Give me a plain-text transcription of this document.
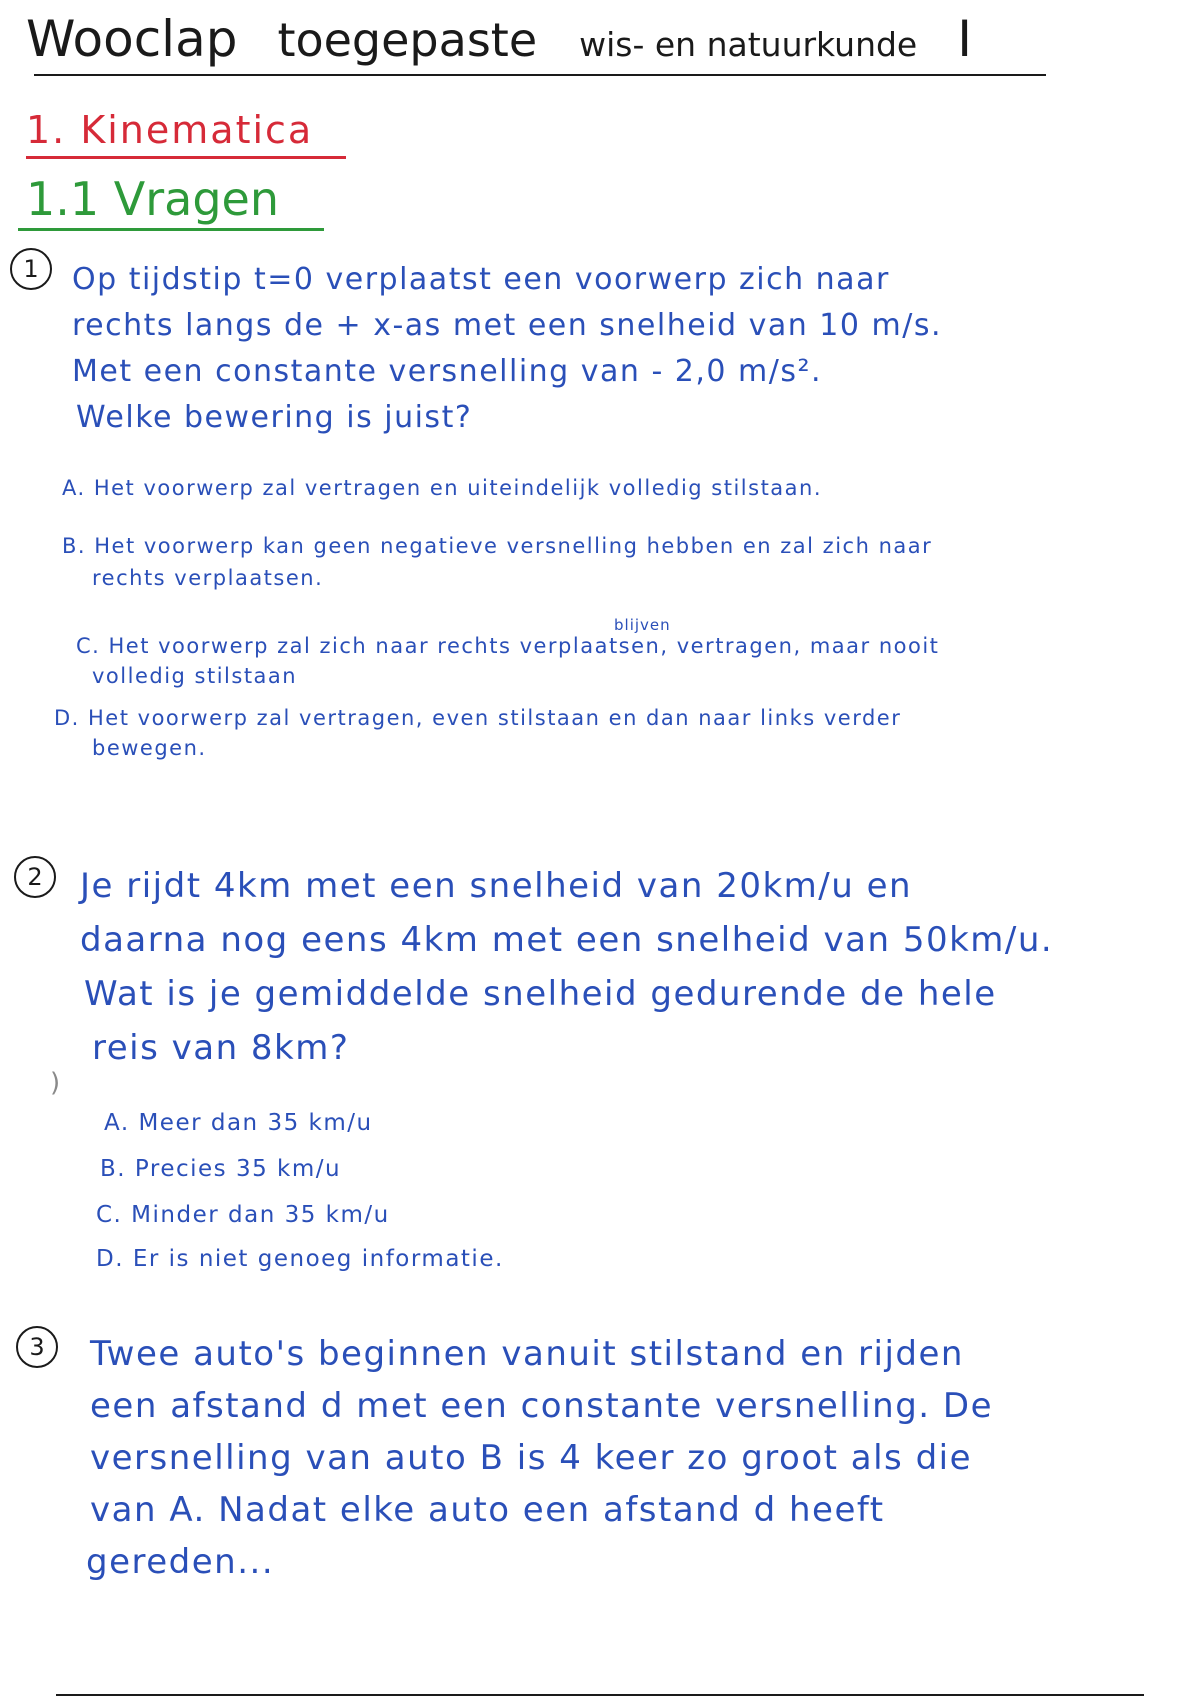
Wooclap toegepaste wis- en natuurkunde I
1. Kinematica
1.1 Vragen
1	Op tijdstip t=0 verplaatst een voorwerp zich naar
rechts langs de + x-as met een snelheid van 10 m/s.
Met een constante versnelling van - 2,0 m/s².
Welke bewering is juist?
A. Het voorwerp zal vertragen en uiteindelijk volledig stilstaan.
B. Het voorwerp kan geen negatieve versnelling hebben en zal zich naar
rechts verplaatsen.
blijven
C. Het voorwerp zal zich naar rechts verplaatsen, vertragen, maar nooit
volledig stilstaan
D. Het voorwerp zal vertragen, even stilstaan en dan naar links verder
bewegen.
2	Je rijdt 4km met een snelheid van 20km/u en
daarna nog eens 4km met een snelheid van 50km/u.
Wat is je gemiddelde snelheid gedurende de hele
reis van 8km?
)
A. Meer dan 35 km/u
B. Precies 35 km/u
C. Minder dan 35 km/u
D. Er is niet genoeg informatie.
3	Twee auto's beginnen vanuit stilstand en rijden
een afstand d met een constante versnelling. De
versnelling van auto B is 4 keer zo groot als die
van A. Nadat elke auto een afstand d heeft
gereden...
